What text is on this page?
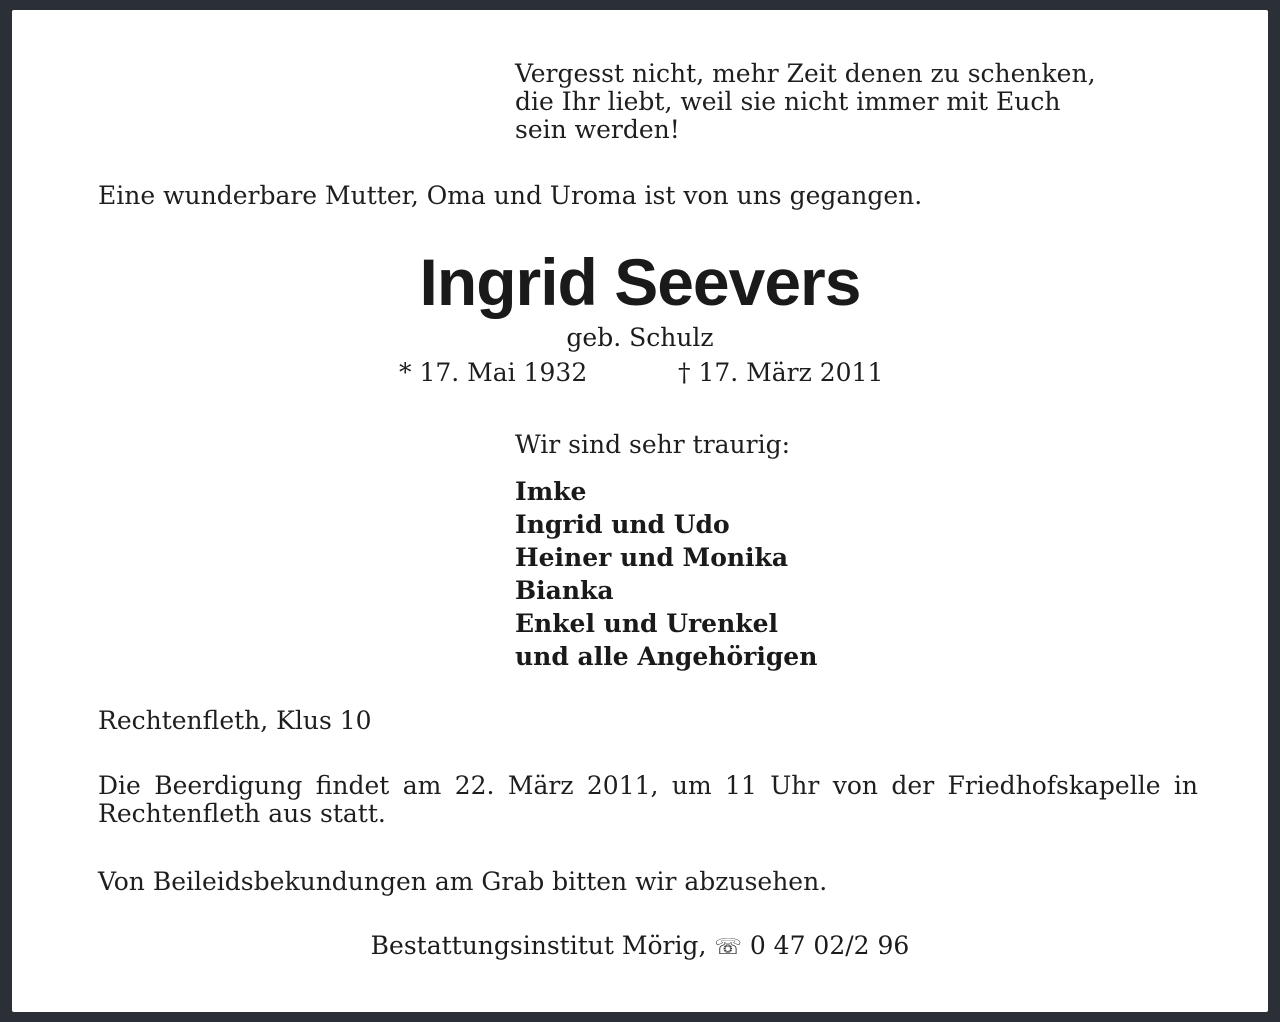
Vergesst nicht, mehr Zeit denen zu schenken,
die Ihr liebt, weil sie nicht immer mit Euch
sein werden!
Eine wunderbare Mutter, Oma und Uroma ist von uns gegangen.
Ingrid Seevers
geb. Schulz
* 17. Mai 1932	† 17. März 2011
Wir sind sehr traurig:
Imke
Ingrid und Udo
Heiner und Monika
Bianka
Enkel und Urenkel
und alle Angehörigen
Rechtenfleth, Klus 10
Die Beerdigung findet am 22. März 2011, um 11 Uhr von der Friedhofskapelle in Rechtenfleth aus statt.
Von Beileidsbekundungen am Grab bitten wir abzusehen.
Bestattungsinstitut Mörig, ☏ 0 47 02/2 96
